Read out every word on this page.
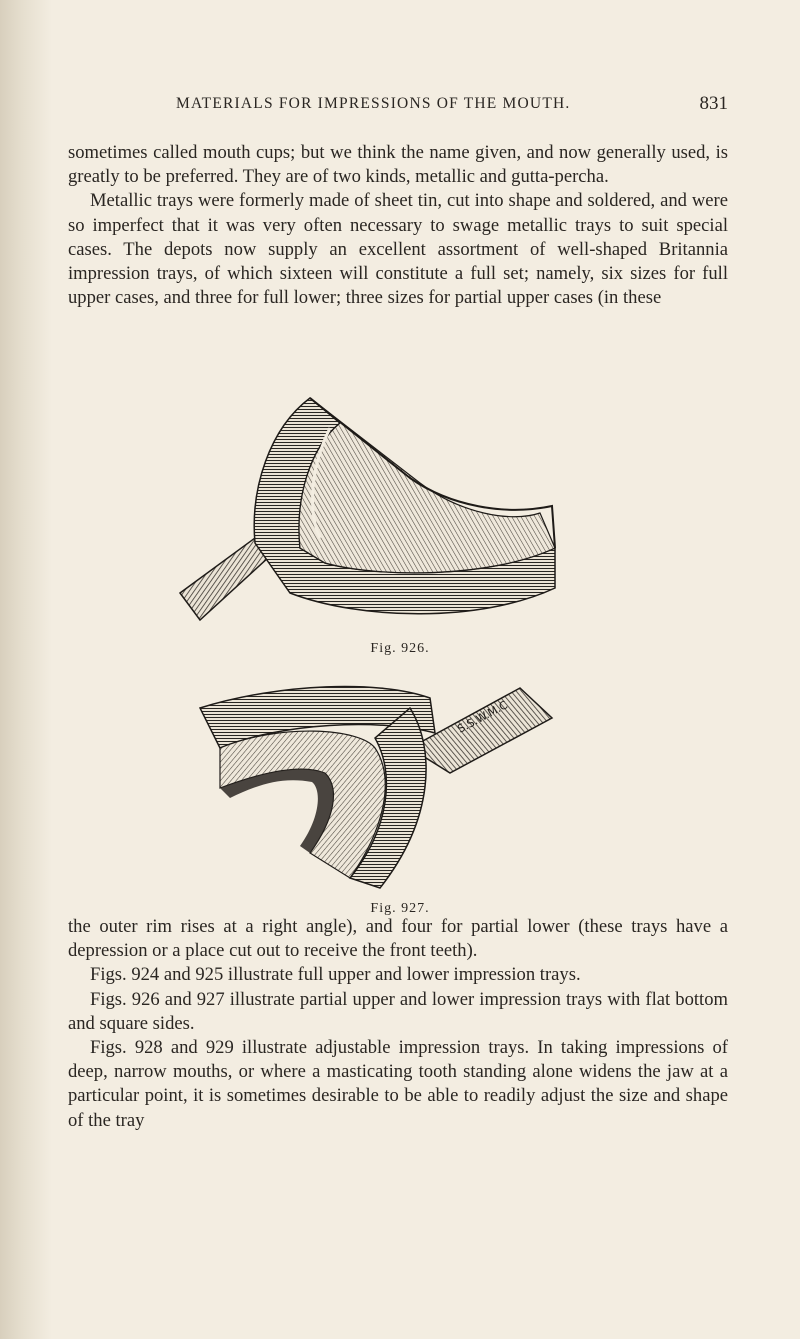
MATERIALS FOR IMPRESSIONS OF THE MOUTH.	831

sometimes called mouth cups; but we think the name given, and now generally used, is greatly to be preferred. They are of two kinds, metallic and gutta-percha.

Metallic trays were formerly made of sheet tin, cut into shape and soldered, and were so imperfect that it was very often necessary to swage metallic trays to suit special cases. The depots now supply an excellent assortment of well-shaped Britannia impression trays, of which sixteen will constitute a full set; namely, six sizes for full upper cases, and three for full lower; three sizes for partial upper cases (in these

Fig. 926.
S.S.W.M.C
Fig. 927.

the outer rim rises at a right angle), and four for partial lower (these trays have a depression or a place cut out to receive the front teeth).

Figs. 924 and 925 illustrate full upper and lower impression trays.

Figs. 926 and 927 illustrate partial upper and lower impression trays with flat bottom and square sides.

Figs. 928 and 929 illustrate adjustable impression trays. In taking impressions of deep, narrow mouths, or where a masticating tooth standing alone widens the jaw at a particular point, it is sometimes desirable to be able to readily adjust the size and shape of the tray
